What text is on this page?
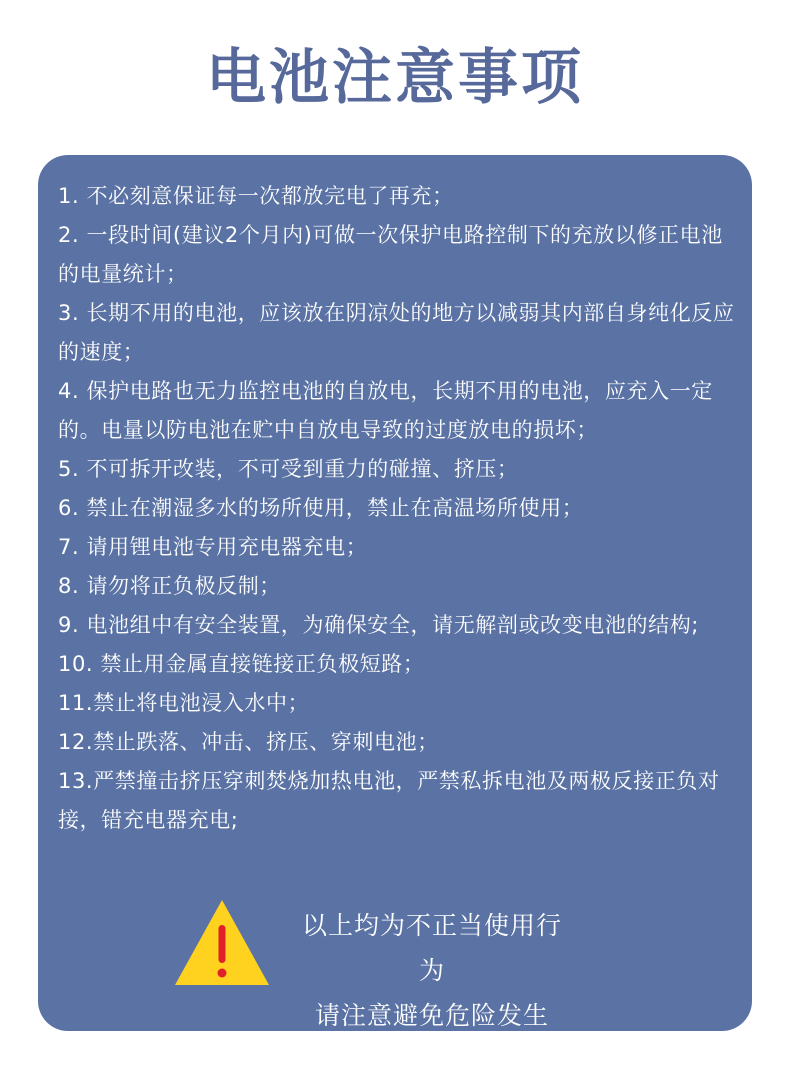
电池注意事项
1. 不必刻意保证每一次都放完电了再充；
2. 一段时间(建议2个月内)可做一次保护电路控制下的充放以修正电池的电量统计；
3. 长期不用的电池，应该放在阴凉处的地方以减弱其内部自身纯化反应的速度；
4. 保护电路也无力监控电池的自放电，长期不用的电池，应充入一定的。电量以防电池在贮中自放电导致的过度放电的损坏；
5. 不可拆开改装，不可受到重力的碰撞、挤压；
6. 禁止在潮湿多水的场所使用，禁止在高温场所使用；
7. 请用锂电池专用充电器充电；
8. 请勿将正负极反制；
9. 电池组中有安全装置，为确保安全，请无解剖或改变电池的结构;
10. 禁止用金属直接链接正负极短路；
11.禁止将电池浸入水中；
12.禁止跌落、冲击、挤压、穿刺电池；
13.严禁撞击挤压穿刺焚烧加热电池，严禁私拆电池及两极反接正负对接，错充电器充电;
以上均为不正当使用行为
请注意避免危险发生
